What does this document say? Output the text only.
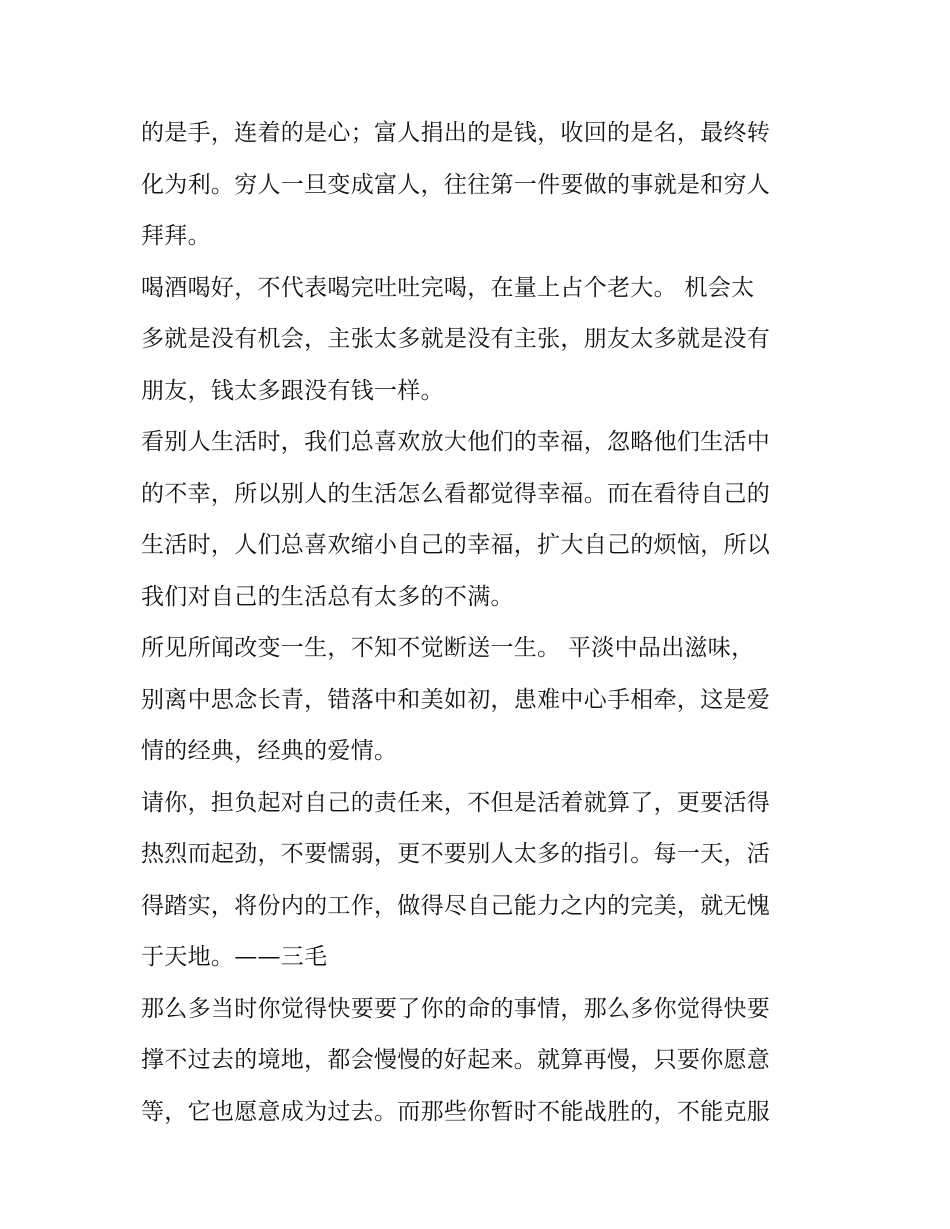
的是手，连着的是心；富人捐出的是钱，收回的是名，最终转
化为利。穷人一旦变成富人，往往第一件要做的事就是和穷人
拜拜。
喝酒喝好，不代表喝完吐吐完喝，在量上占个老大。 机会太
多就是没有机会，主张太多就是没有主张，朋友太多就是没有
朋友，钱太多跟没有钱一样。
看别人生活时，我们总喜欢放大他们的幸福，忽略他们生活中
的不幸，所以别人的生活怎么看都觉得幸福。而在看待自己的
生活时，人们总喜欢缩小自己的幸福，扩大自己的烦恼，所以
我们对自己的生活总有太多的不满。
所见所闻改变一生，不知不觉断送一生。 平淡中品出滋味，
别离中思念长青，错落中和美如初，患难中心手相牵，这是爱
情的经典，经典的爱情。
请你，担负起对自己的责任来，不但是活着就算了，更要活得
热烈而起劲，不要懦弱，更不要别人太多的指引。每一天，活
得踏实，将份内的工作，做得尽自己能力之内的完美，就无愧
于天地。——三毛
那么多当时你觉得快要要了你的命的事情，那么多你觉得快要
撑不过去的境地，都会慢慢的好起来。就算再慢，只要你愿意
等，它也愿意成为过去。而那些你暂时不能战胜的，不能克服
